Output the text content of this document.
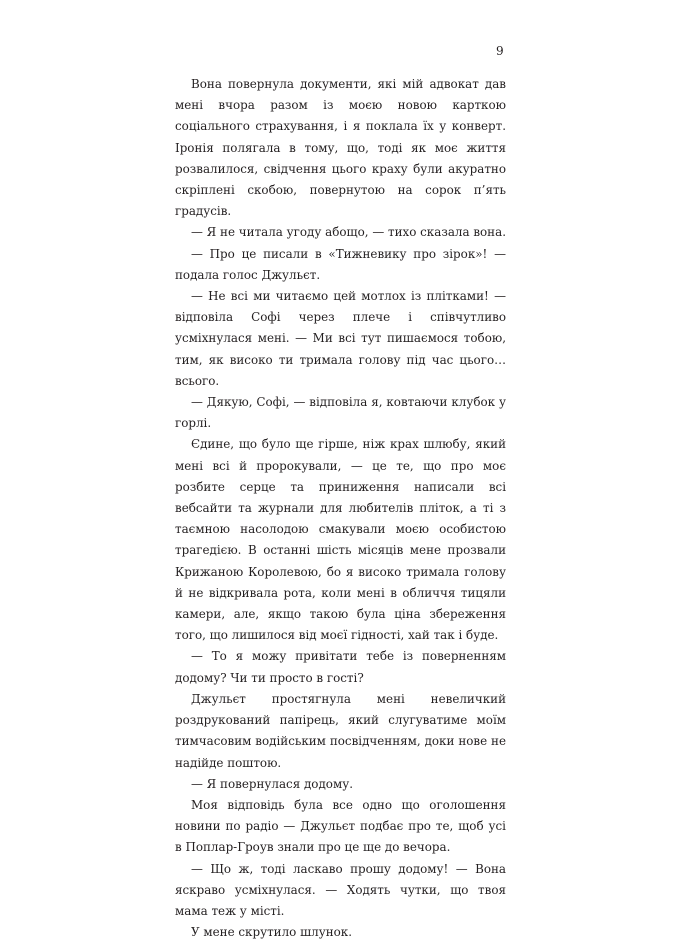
9

Вона повернула документи, які мій адвокат дав мені вчора разом із моєю новою карткою соціального страхування, і я поклала їх у конверт. Іронія полягала в тому, що, тоді як моє життя розвалилося, свідчення цього краху були акуратно скріплені скобою, повернутою на сорок п’ять градусів.

— Я не читала угоду абощо, — тихо сказала вона.

— Про це писали в «Тижневику про зірок»! — подала голос Джульєт.

— Не всі ми читаємо цей мотлох із плітками! — відповіла Софі через плече і співчутливо усміхнулася мені. — Ми всі тут пишаємося тобою, тим, як високо ти тримала голову під час цього… всього.

— Дякую, Софі, — відповіла я, ковтаючи клубок у горлі.

Єдине, що було ще гірше, ніж крах шлюбу, який мені всі й пророкували, — це те, що про моє розбите серце та приниження написали всі вебсайти та журнали для любителів пліток, а ті з таємною насолодою смакували моєю особистою трагедією. В останні шість місяців мене прозвали Крижаною Королевою, бо я високо тримала голову й не відкривала рота, коли мені в обличчя тицяли камери, але, якщо такою була ціна збереження того, що лишилося від моєї гідності, хай так і буде.

— То я можу привітати тебе із поверненням додому? Чи ти просто в гості?

Джульєт простягнула мені невеличкий роздрукований папірець, який слугуватиме моїм тимчасовим водійським посвідченням, доки нове не надійде поштою.

— Я повернулася додому.

Моя відповідь була все одно що оголошення новини по радіо — Джульєт подбає про те, щоб усі в Поплар-Гроув знали про це ще до вечора.

— Що ж, тоді ласкаво прошу додому! — Вона яскраво усміхнулася. — Ходять чутки, що твоя мама теж у місті.

У мене скрутило шлунок.
